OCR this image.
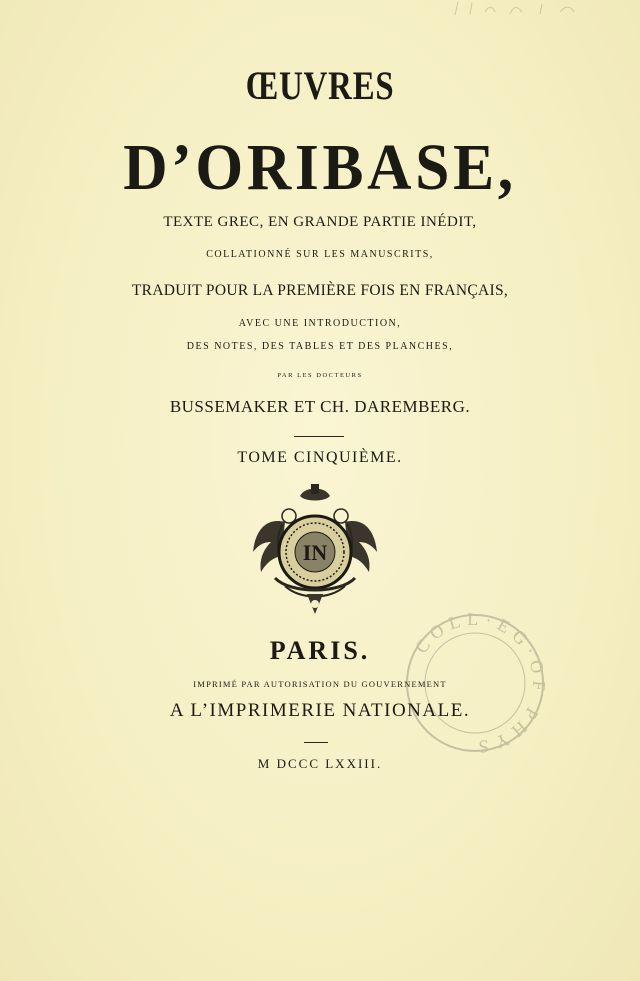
ŒUVRES
D’ORIBASE,
TEXTE GREC, EN GRANDE PARTIE INÉDIT,
COLLATIONNÉ SUR LES MANUSCRITS,
TRADUIT POUR LA PREMIÈRE FOIS EN FRANÇAIS,
AVEC UNE INTRODUCTION,
DES NOTES, DES TABLES ET DES PLANCHES,
PAR LES DOCTEURS
BUSSEMAKER ET CH. DAREMBERG.
TOME CINQUIÈME.
IN
COLL·EG·OF PHYS
PARIS.
IMPRIMÉ PAR AUTORISATION DU GOUVERNEMENT
A L’IMPRIMERIE NATIONALE.
M DCCC LXXIII.
